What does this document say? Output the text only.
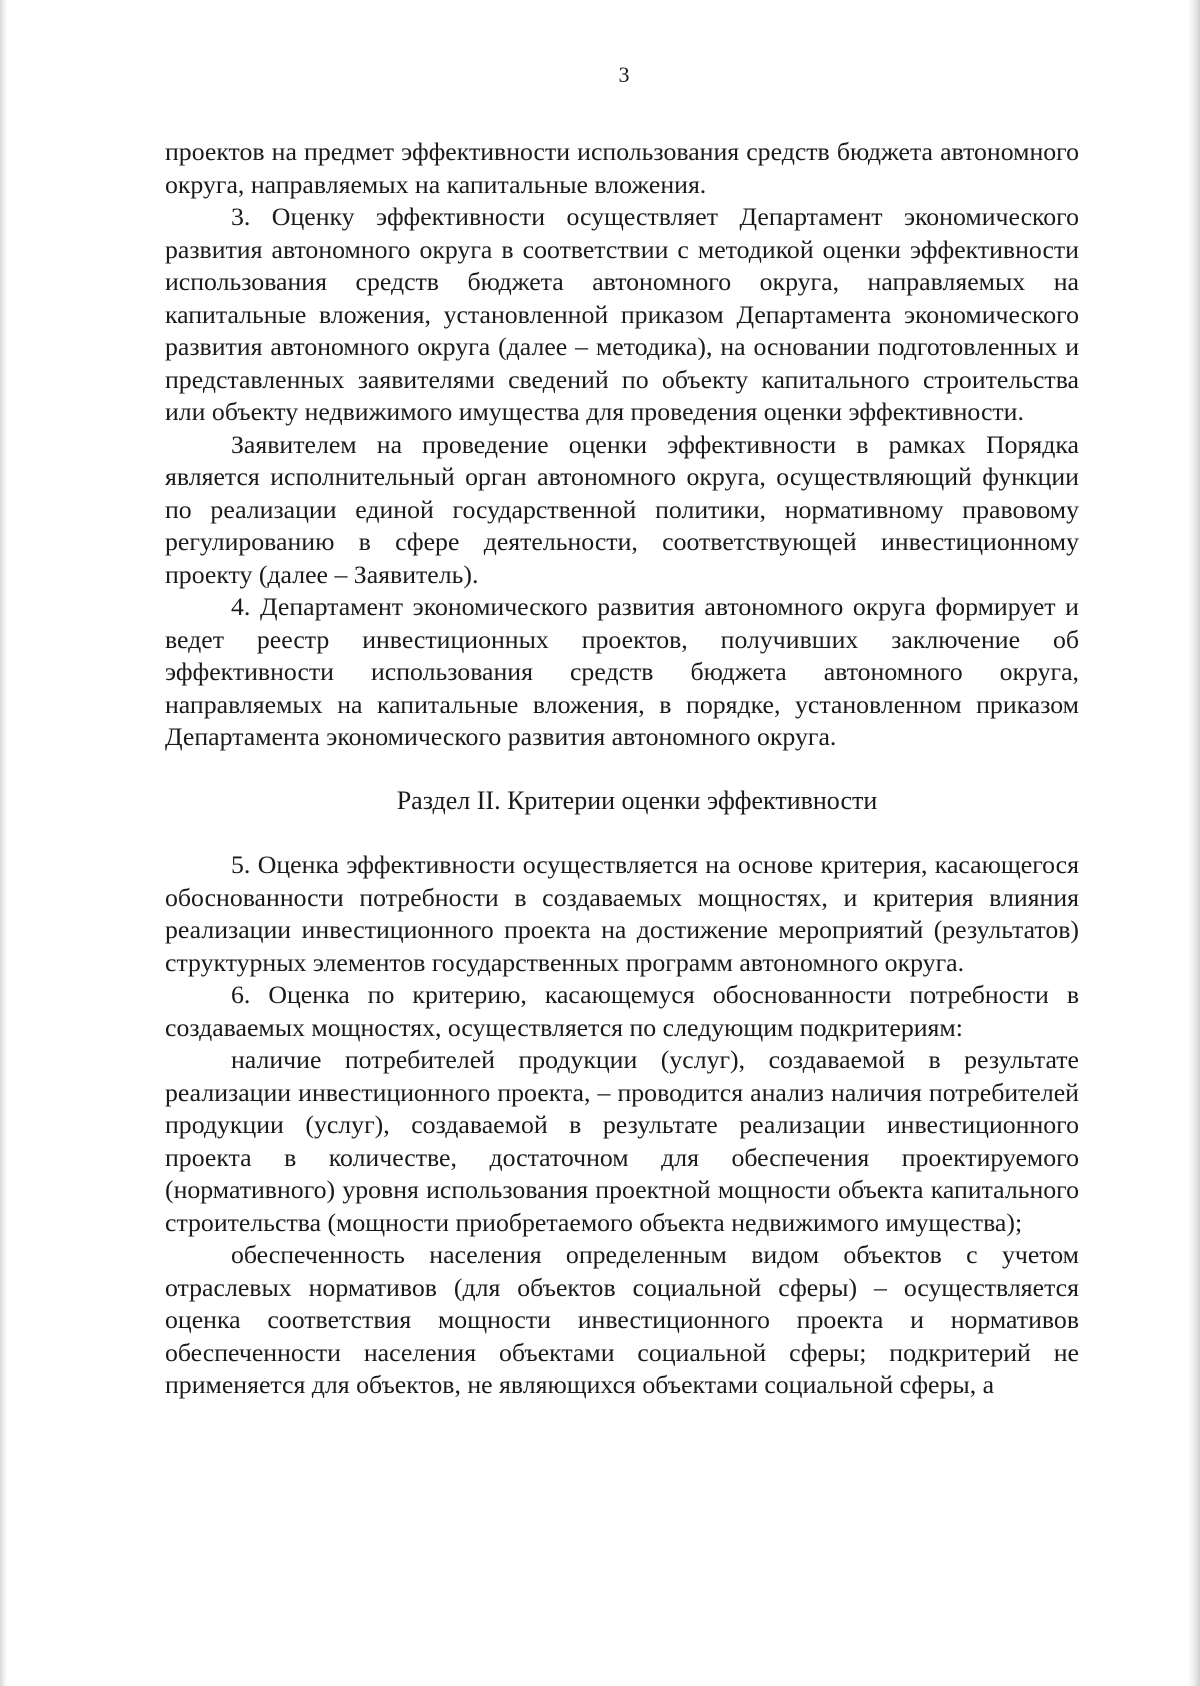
3

проектов на предмет эффективности использования средств бюджета автономного округа, направляемых на капитальные вложения.

3. Оценку эффективности осуществляет Департамент экономического развития автономного округа в соответствии с методикой оценки эффективности использования средств бюджета автономного округа, направляемых на капитальные вложения, установленной приказом Департамента экономического развития автономного округа (далее – методика), на основании подготовленных и представленных заявителями сведений по объекту капитального строительства или объекту недвижимого имущества для проведения оценки эффективности.

Заявителем на проведение оценки эффективности в рамках Порядка является исполнительный орган автономного округа, осуществляющий функции по реализации единой государственной политики, нормативному правовому регулированию в сфере деятельности, соответствующей инвестиционному проекту (далее – Заявитель).

4. Департамент экономического развития автономного округа формирует и ведет реестр инвестиционных проектов, получивших заключение об эффективности использования средств бюджета автономного округа, направляемых на капитальные вложения, в порядке, установленном приказом Департамента экономического развития автономного округа.

Раздел II. Критерии оценки эффективности

5. Оценка эффективности осуществляется на основе критерия, касающегося обоснованности потребности в создаваемых мощностях, и критерия влияния реализации инвестиционного проекта на достижение мероприятий (результатов) структурных элементов государственных программ автономного округа.

6. Оценка по критерию, касающемуся обоснованности потребности в создаваемых мощностях, осуществляется по следующим подкритериям:

наличие потребителей продукции (услуг), создаваемой в результате реализации инвестиционного проекта, – проводится анализ наличия потребителей продукции (услуг), создаваемой в результате реализации инвестиционного проекта в количестве, достаточном для обеспечения проектируемого (нормативного) уровня использования проектной мощности объекта капитального строительства (мощности приобретаемого объекта недвижимого имущества);

обеспеченность населения определенным видом объектов с учетом отраслевых нормативов (для объектов социальной сферы) – осуществляется оценка соответствия мощности инвестиционного проекта и нормативов обеспеченности населения объектами социальной сферы; подкритерий не применяется для объектов, не являющихся объектами социальной сферы, а
